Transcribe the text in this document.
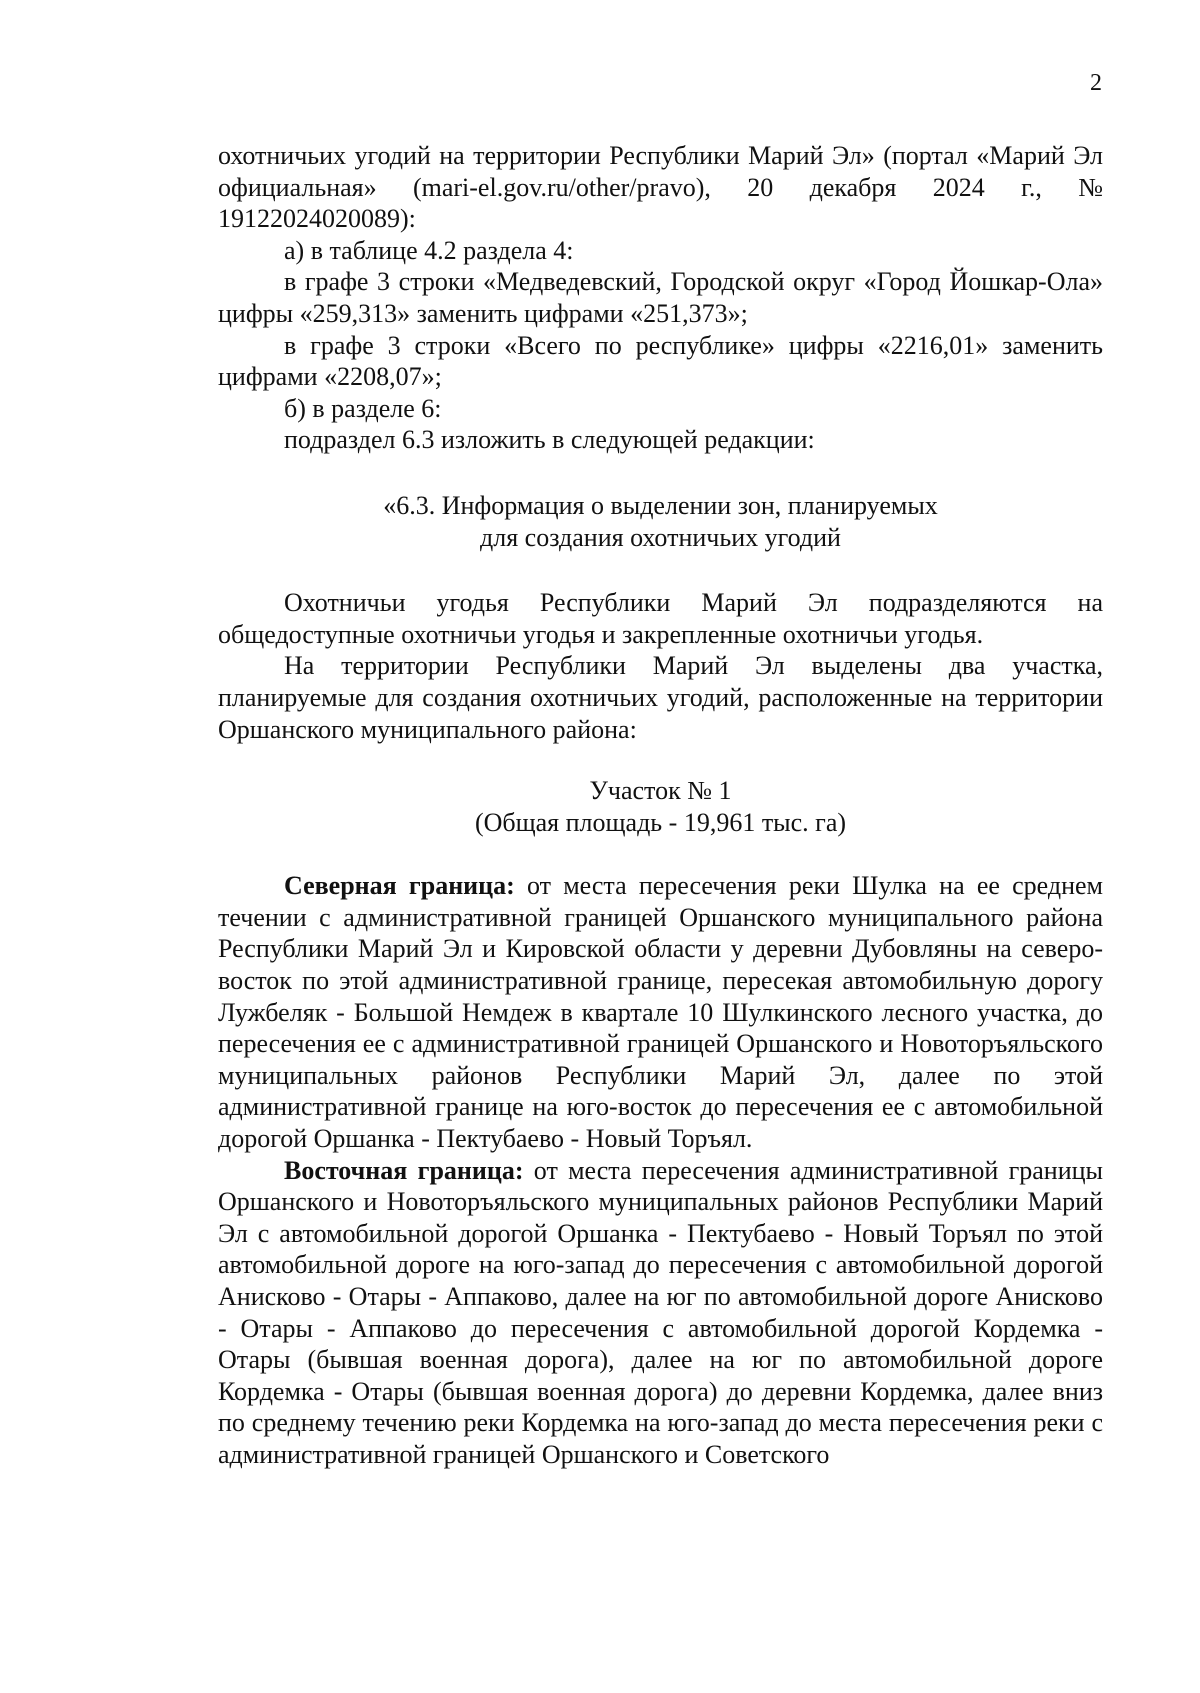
2

охотничьих угодий на территории Республики Марий Эл» (портал «Марий Эл официальная» (mari-el.gov.ru/other/pravo), 20 декабря 2024 г., № 19122024020089):

а) в таблице 4.2 раздела 4:

в графе 3 строки «Медведевский, Городской округ «Город Йошкар-Ола» цифры «259,313» заменить цифрами «251,373»;

в графе 3 строки «Всего по республике» цифры «2216,01» заменить цифрами «2208,07»;

б) в разделе 6:

подраздел 6.3 изложить в следующей редакции:

«6.3. Информация о выделении зон, планируемых
для создания охотничьих угодий

Охотничьи угодья Республики Марий Эл подразделяются на общедоступные охотничьи угодья и закрепленные охотничьи угодья.

На территории Республики Марий Эл выделены два участка, планируемые для создания охотничьих угодий, расположенные на территории Оршанского муниципального района:

Участок № 1
(Общая площадь - 19,961 тыс. га)

Северная граница: от места пересечения реки Шулка на ее среднем течении с административной границей Оршанского муниципального района Республики Марий Эл и Кировской области у деревни Дубовляны на северо-восток по этой административной границе, пересекая автомобильную дорогу Лужбеляк - Большой Немдеж в квартале 10 Шулкинского лесного участка, до пересечения ее с административной границей Оршанского и Новоторъяльского муниципальных районов Республики Марий Эл, далее по этой административной границе на юго-восток до пересечения ее с автомобильной дорогой Оршанка - Пектубаево - Новый Торъял.

Восточная граница: от места пересечения административной границы Оршанского и Новоторъяльского муниципальных районов Республики Марий Эл с автомобильной дорогой Оршанка - Пектубаево - Новый Торъял по этой автомобильной дороге на юго-запад до пересечения с автомобильной дорогой Анисково - Отары - Аппаково, далее на юг по автомобильной дороге Анисково - Отары - Аппаково до пересечения с автомобильной дорогой Кордемка - Отары (бывшая военная дорога), далее на юг по автомобильной дороге Кордемка - Отары (бывшая военная дорога) до деревни Кордемка, далее вниз по среднему течению реки Кордемка на юго-запад до места пересечения реки с административной границей Оршанского и Советского
